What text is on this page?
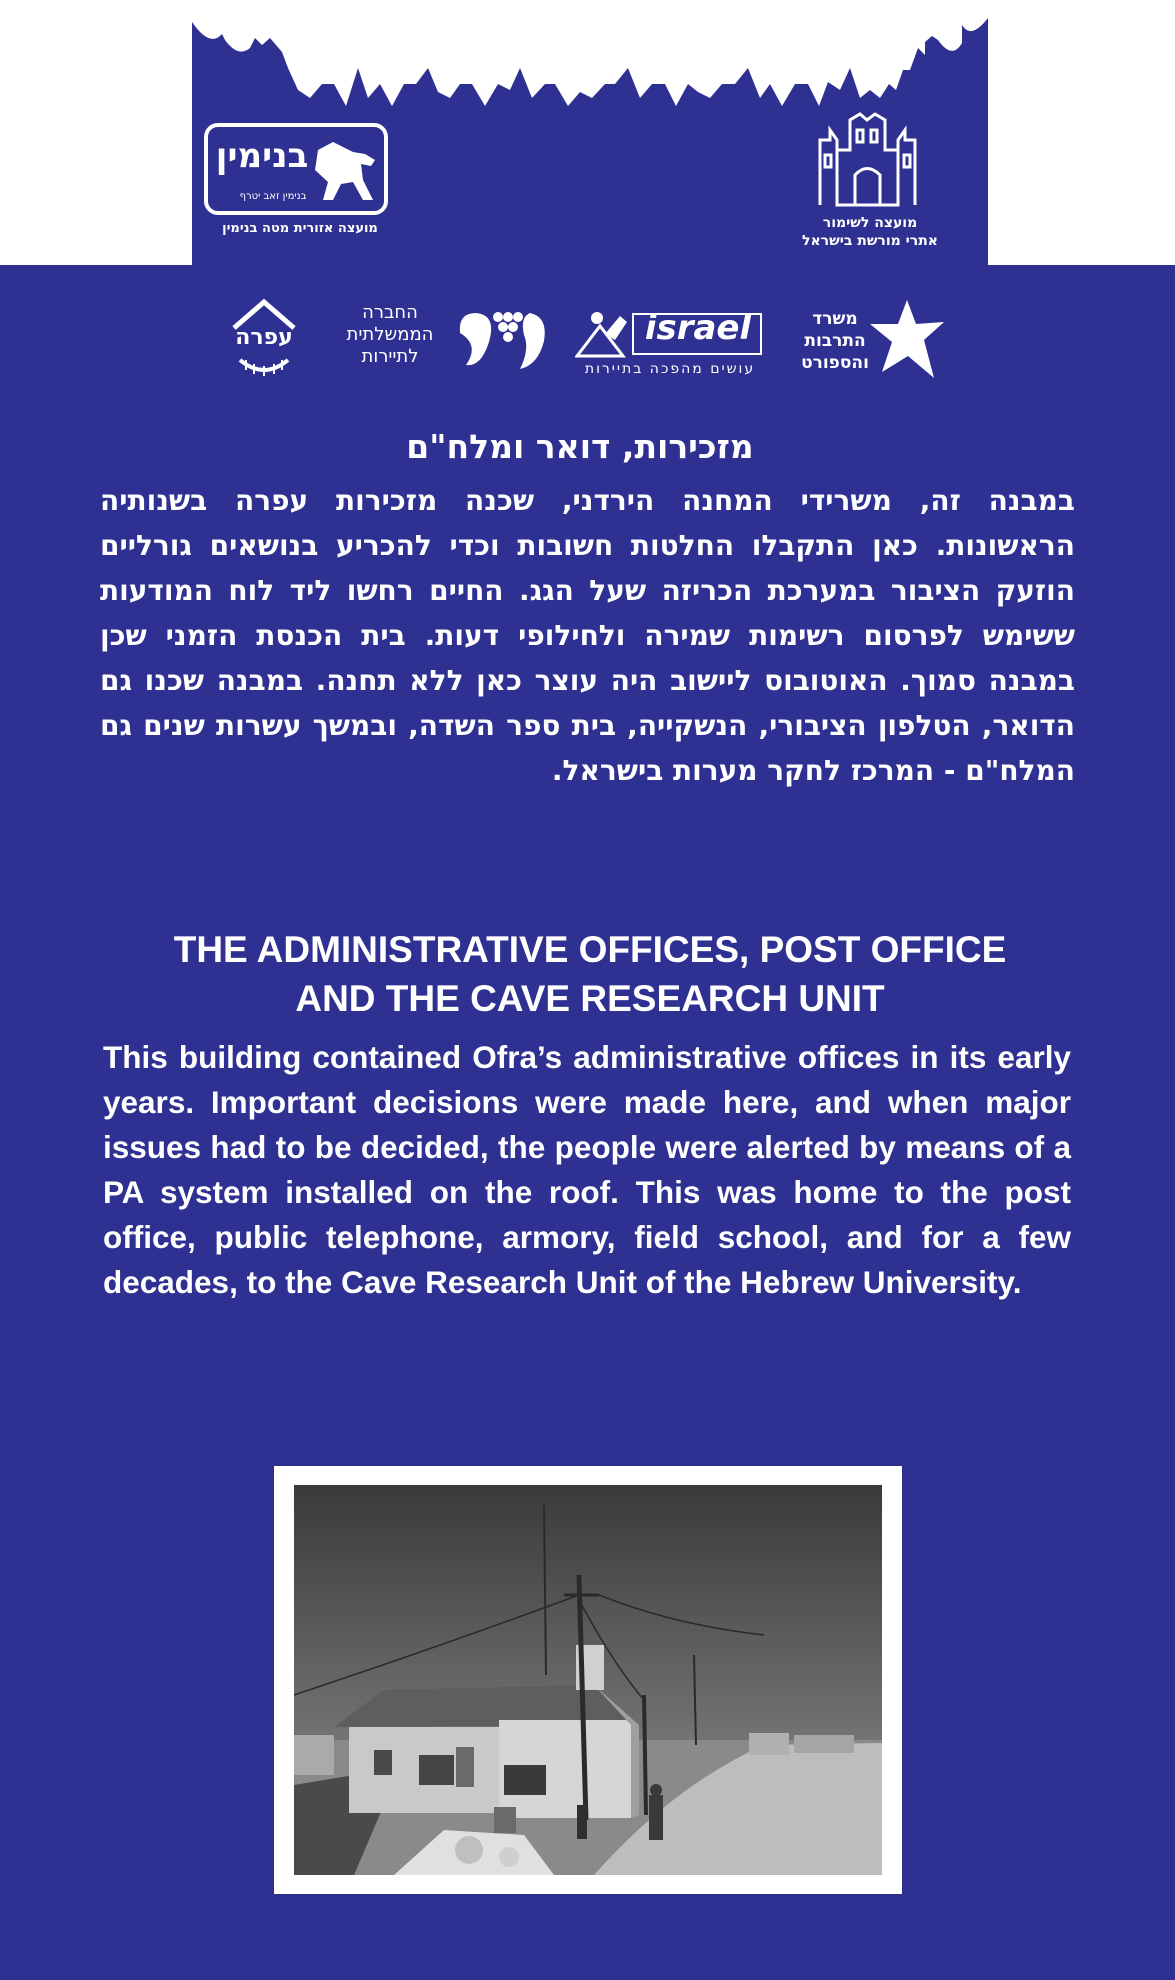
בנימין
בנימין זאב יטרף
מועצה אזורית מטה בנימין	מועצה לשימור
אתרי מורשת בישראל
עפרה
החברה
הממשלתית
לתיירות
israel
עושים מהפכה בתיירות
משרד
התרבות
והספורט
מזכירות, דואר ומלח"ם
במבנה זה, משרידי המחנה הירדני, שכנה מזכירות עפרה בשנותיה הראשונות. כאן התקבלו החלטות חשובות וכדי להכריע בנושאים גורליים הוזעק הציבור במערכת הכריזה שעל הגג. החיים רחשו ליד לוח המודעות ששימש לפרסום רשימות שמירה ולחילופי דעות. בית הכנסת הזמני שכן במבנה סמוך. האוטובוס ליישוב היה עוצר כאן ללא תחנה. במבנה שכנו גם הדואר, הטלפון הציבורי, הנשקייה, בית ספר השדה, ובמשך עשרות שנים גם המלח"ם - המרכז לחקר מערות בישראל.
THE ADMINISTRATIVE OFFICES, POST OFFICE
AND THE CAVE RESEARCH UNIT
This building contained Ofra’s administrative offices in its early years. Important decisions were made here, and when major issues had to be decided, the people were alerted by means of a PA system installed on the roof. This was home to the post office, public telephone, armory, field school, and for a few decades, to the Cave Research Unit of the Hebrew University.
